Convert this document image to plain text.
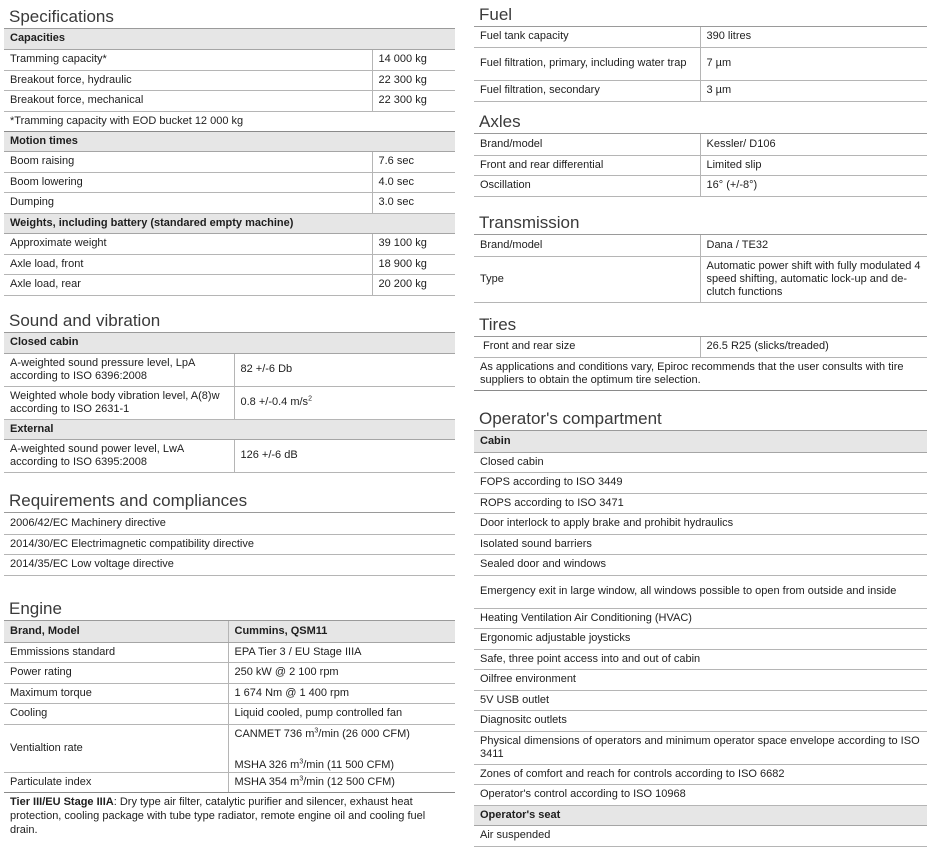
Specifications
Capacities	
Tramming capacity*	14 000 kg
Breakout force, hydraulic	22 300 kg
Breakout force, mechanical	22 300 kg
*Tramming capacity with EOD bucket 12 000 kg	
Motion times	
Boom raising	7.6 sec
Boom lowering	4.0 sec
Dumping	3.0 sec
Weights, including battery (standared empty machine)	
Approximate weight	39 100 kg
Axle load, front	18 900 kg
Axle load, rear	20 200 kg
Sound and vibration
Closed cabin	
A-weighted sound pressure level, LpA according to ISO 6396:2008	82 +/-6 Db
Weighted whole body vibration level, A(8)w according to ISO 2631-1	0.8 +/-0.4 $m/s^2$
External	
A-weighted sound power level, LwA according to ISO 6395:2008	126 +/-6 dB
Requirements and compliances
2006/42/EC Machinery directive
2014/30/EC Electrimagnetic compatibility directive
2014/35/EC Low voltage directive
Engine
Brand, Model	Cummins, QSM11
Emmissions standard	EPA Tier 3 / EU Stage IIIA
Power rating	250 kW @ 2 100 rpm
Maximum torque	1 674 Nm @ 1 400 rpm
Cooling	Liquid cooled, pump controlled fan
Ventialtion rate	CANMET 736 $m^3/\min$ (26 000 CFM)
MSHA 326 $m^3/\min$ (11 500 CFM)

Particulate index	MSHA 354 $m^3/\min$ (12 500 CFM)

Tier III/EU Stage IIIA: Dry type air filter, catalytic purifier and silencer, exhaust heat protection, cooling package with tube type radiator, remote engine oil and cooling fuel drain.

Fuel
Fuel tank capacity	390 litres
Fuel filtration, primary, including water trap	7 µm
Fuel filtration, secondary	3 µm
Axles
Brand/model	Kessler/ D106
Front and rear differential	Limited slip
Oscillation	16° (+/-8°)
Transmission
Brand/model	Dana / TE32
Type	Automatic power shift with fully modulated 4 speed shifting, automatic lock-up and de-clutch functions
Tires
Front and rear size	26.5 R25 (slicks/treaded)
As applications and conditions vary, Epiroc recommends that the user consults with tire suppliers to obtain the optimum tire selection.
Operator's compartment
Cabin
Closed cabin
FOPS according to ISO 3449
ROPS according to ISO 3471
Door interlock to apply brake and prohibit hydraulics
Isolated sound barriers
Sealed door and windows
Emergency exit in large window, all windows possible to open from outside and inside
Heating Ventilation Air Conditioning (HVAC)
Ergonomic adjustable joysticks
Safe, three point access into and out of cabin
Oilfree environment
5V USB outlet
Diagnositc outlets
Physical dimensions of operators and minimum operator space envelope according to ISO 3411
Zones of comfort and reach for controls according to ISO 6682
Operator's control according to ISO 10968
Operator's seat
Air suspended
